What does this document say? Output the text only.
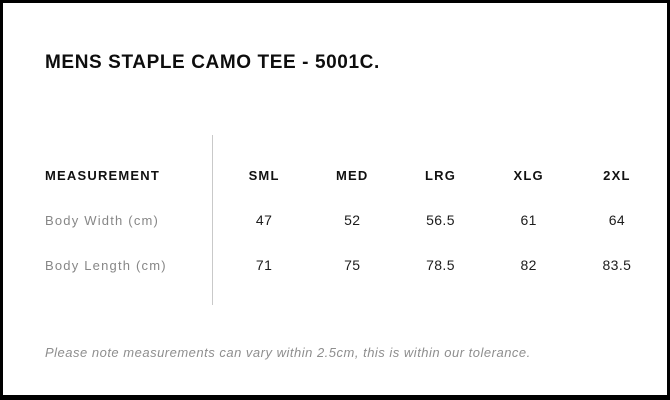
MENS STAPLE CAMO TEE - 5001C.
MEASUREMENT	SML	MED	LRG	XLG	2XL
Body Width (cm)	47	52	56.5	61	64
Body Length (cm)	71	75	78.5	82	83.5
Please note measurements can vary within 2.5cm, this is within our tolerance.
